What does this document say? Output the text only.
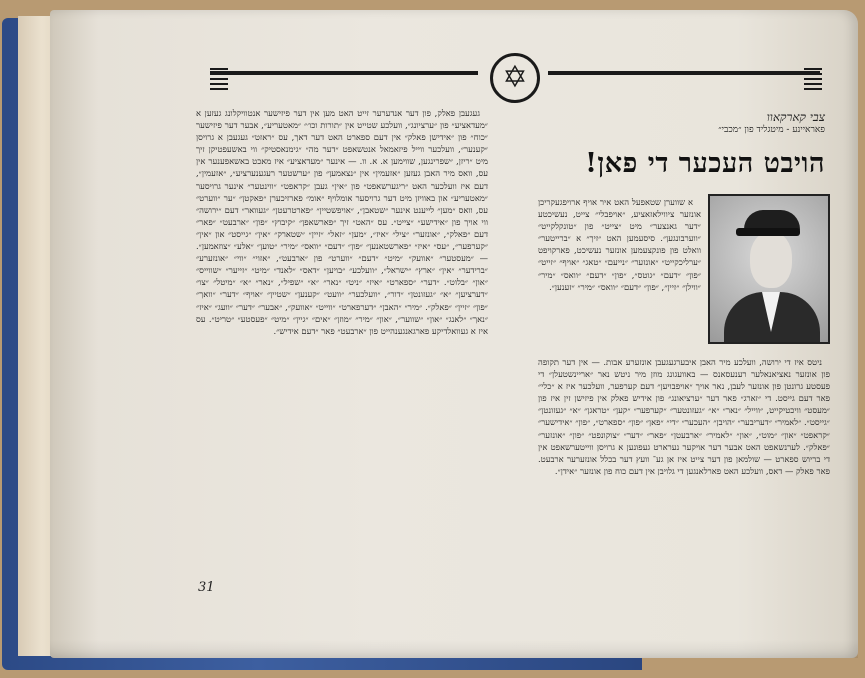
✡
צבי קארקאוו
פאראיינע - מיטגליד פון ״מכבי״
הויבט העכער די פאן!

געגעבן פאלק, פון דער אנדערער זייט האט מען אין דער פיזישער אנטוויקלונג געזען א ״מעדאציע״ פון ״ערציונג״, וועלכע שטייט אין ״תורות וכו׳״ ״מאטעריע״, אבער דער פיזישער ״כוח״ פון ״אידישן פאלק״ אין דעם ספארט האט דער דאך, עס ״ראזט״ געגעבן א גרויסן ״קענער״, וועלכער ווייל פיזאמאל אנטשאפט ״דער מה״ ״גימנאסטיק״ ווי באשעפטיקן זיך מיט ״ריזן, ״שפרינגען, שווימען א. א. וו. — אינער ״מעדאציע״ איז מאכט באשאפענער אין עס, וואס מיר האבן געזען ״אזעמין״ אין ״נצאמען״ פון ״ערשטער רעגענערציע״, ״אזעמין״, דעם איז וועלכער האט ״ריגערשאפט״ פון ״אין״ געבן ״קראפט״ ״ווינטער״ אינער גרויסער ״מאטעריע״ און באוויזן מיט דער גרויסער אומלויף ״אומ״ פארזיכערן ״פאקטן״ ״ער ״ווערט״ עס, וואס ״מען״ לייענט אינער ״שטאבן״, ״אויפשטיין״ ״פארטרעטן״ ״געוואר״ דעם ״ירושה״ ווי אויך פון ״אידישע״ ״צייט״. עס ״האט״ זיך ״פארשאפן״ ״קיבוץ״ ״פון״ ״ארבעט״ ״פאר״ דעם ״פאלק״, ״אונזער״ ״ציל״ ״איז״, ״מען״ ״זאל״ ״זיין״ ״שטארק״ ״אין״ ״גייסט״ און ״אין״ ״קערפער״, ״עס״ ״איז״ ״פארשטאנען״ ״פון״ ״דעם״ ״וואס״ ״מיר״ ״טוען״ ״אלע״ ״צוזאמען״. — ״מעסטער״ ״אוועק״ ״מיט״ ״דעם״ ״ווערט״ פון ״ארבעט״, ״אזוי״ ״ווי״ ״אונזערע״ ״ברידער״ ״אין״ ״ארץ״ ״ישראל״, ״וועלכע״ ״בויען״ ״דאס״ ״לאנד״ ״מיט״ ״זייער״ ״שווייס״ ״און״ ״בלוט״. ״דער״ ״ספארט״ ״איז״ ״ניט״ ״נאר״ ״א״ ״שפיל״, ״נאר״ ״א״ ״מיטל״ ״צו״ ״דערציען״ ״א״ ״געזונטן״ ״דור״, ״וועלכער״ ״וועט״ ״קענען״ ״שטיין״ ״אויף״ ״דער״ ״וואך״ ״פון״ ״זיין״ ״פאלק״. ״מיר״ ״האבן״ ״דערפארט״ ״ווייט״ ״אוועק״, ״אבער״ ״דער״ ״וועג״ ״איז״ ״נאך״ ״לאנג״ ״און״ ״שווער״, ״און״ ״מיר״ ״מוזן״ ״אים״ ״גיין״ ״מיט״ ״פעסטע״ ״טריט״. עס איז א געוואלדיקע פארגאנגענהייט פון ״ארבעט״ פאר ״דעם אידיש״.

א שווערן שטאפעל האט איר אויף ארויפגעקריכן אונזער ציווילאזאציע, ״אויפבלי״ צייט, נעשיכטע ״דער גאנצער״ מיט ״צייט״ פון ״טונקלקייט״ ״ווערבונגען״. סיסעמען האט ״זיך״ א ״ברייטער״ וואלט פון פונקצעמען אונזער נעשיכט, פארקויפט ״ערליכקייט״ ״אונזער״ ״נייעם״ ״טאג״ ״אויף״ ״זייט״ ״פון״ ״דעם״ ״גוטס״, ״פון״ ״דעם״ ״וואס״ ״מיר״ ״ווילן״ ״זיין״, ״פון״ ״דעם״ ״וואס״ ״מיר״ ״זענען״.

ניטס איז די ירושה, וועלכע מיר האבן איבערגעגעבן אונזערע אבות. — אין דער תקופה פון אונזער נאציאנאלער רענעסאנס — באוועגונג מוזן מיר ניטש נאר ״אריינשטעלן״ די פעסטע גרונטן פון אונזער לעבן, נאר אויך ״אויפבויען״ דעם קערפער, וועלכער איז א ״כלי״ פאר דעם גייסט. די ״זארג״ פאר דער ״ערציאונג״ פון אידיש פאלק אין פיזישן זין איז פון ״מעסט״ וויכטיקייט, ״ווייל״ ״נאר״ ״א״ ״געזונטער״ ״קערפער״ ״קען״ ״טראגן״ ״א״ ״געזונטן״ ״גייסט״. ״לאמיר״ ״דעריבער״ ״הויבן״ ״העכער״ ״די״ ״פאן״ ״פון״ ״ספארט״, ״פון״ ״אידישער״ ״קראפט״ ״און״ ״מוט״, ״און״ ״לאמיר״ ״ארבעטן״ ״פאר״ ״דער״ ״צוקונפט״ ״פון״ ״אונזער״ ״פאלק״. לערנשאפט האט אבער דער אויקער נערארט געפונען א גרויסן ווייטערשאפט אין די בריוש ספארט — שולמאן פון דער צייט איז אן גע־ וועץ דער בכלל אונזערער ארבעט. פאר פאלק — דאס, וועלכע האט פארלאנגען די גלויבן אין דעם כוח פון אונזער ״אידן״.

31
